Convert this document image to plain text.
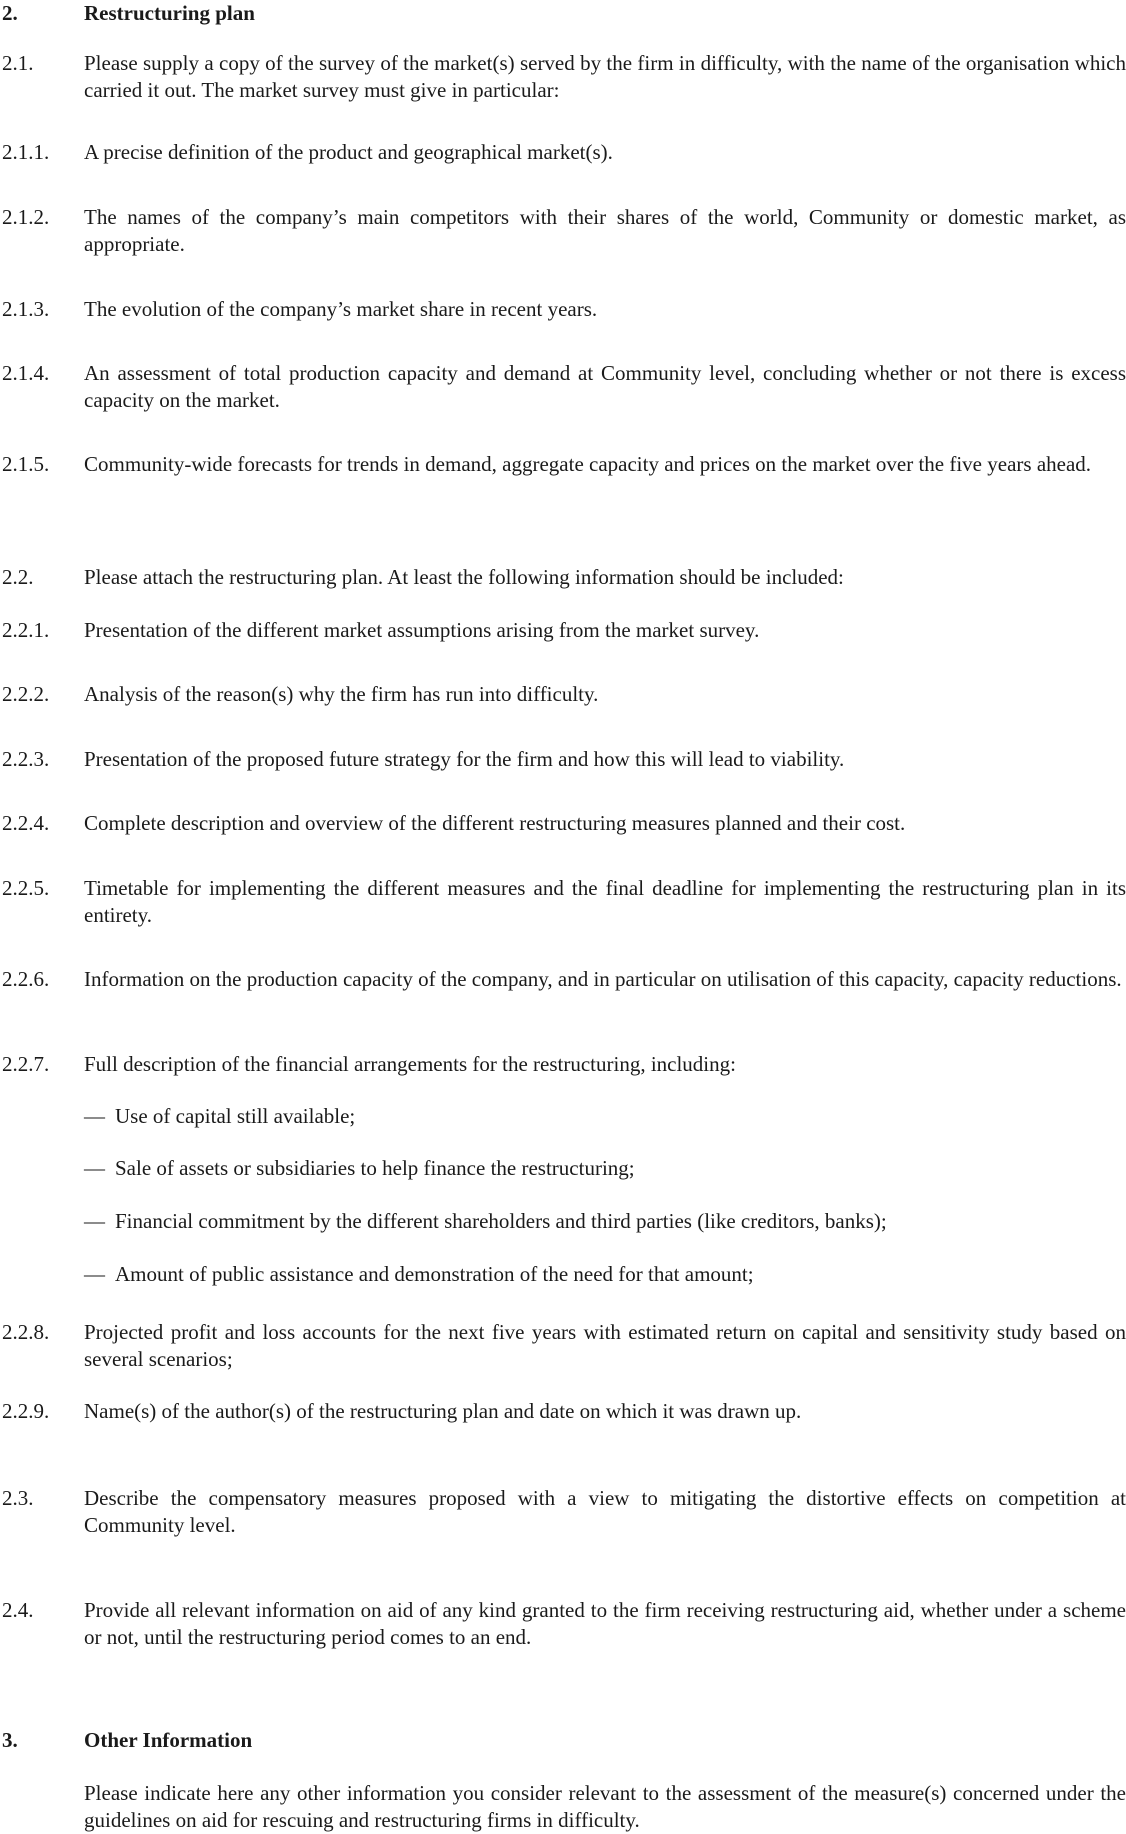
2.	Restructuring plan
2.1. Please supply a copy of the survey of the market(s) served by the firm in difficulty, with the name of the organisation which carried it out. The market survey must give in particular:
2.1.1. A precise definition of the product and geographical market(s).
2.1.2. The names of the company’s main competitors with their shares of the world, Community or domestic market, as appropriate.
2.1.3. The evolution of the company’s market share in recent years.
2.1.4. An assessment of total production capacity and demand at Community level, concluding whether or not there is excess capacity on the market.
2.1.5. Community-wide forecasts for trends in demand, aggregate capacity and prices on the market over the five years ahead.
2.2. Please attach the restructuring plan. At least the following information should be included:
2.2.1. Presentation of the different market assumptions arising from the market survey.
2.2.2. Analysis of the reason(s) why the firm has run into difficulty.
2.2.3. Presentation of the proposed future strategy for the firm and how this will lead to viability.
2.2.4. Complete description and overview of the different restructuring measures planned and their cost.
2.2.5. Timetable for implementing the different measures and the final deadline for implementing the restructuring plan in its entirety.
2.2.6. Information on the production capacity of the company, and in particular on utilisation of this capacity, capacity reductions.
2.2.7. Full description of the financial arrangements for the restructuring, including:
— Use of capital still available;
— Sale of assets or subsidiaries to help finance the restructuring;
— Financial commitment by the different shareholders and third parties (like creditors, banks);
— Amount of public assistance and demonstration of the need for that amount;
2.2.8. Projected profit and loss accounts for the next five years with estimated return on capital and sensitivity study based on several scenarios;
2.2.9. Name(s) of the author(s) of the restructuring plan and date on which it was drawn up.
2.3. Describe the compensatory measures proposed with a view to mitigating the distortive effects on competition at Community level.
2.4. Provide all relevant information on aid of any kind granted to the firm receiving restructuring aid, whether under a scheme or not, until the restructuring period comes to an end.
3.	Other Information
Please indicate here any other information you consider relevant to the assessment of the measure(s) concerned under the guidelines on aid for rescuing and restructuring firms in difficulty.
